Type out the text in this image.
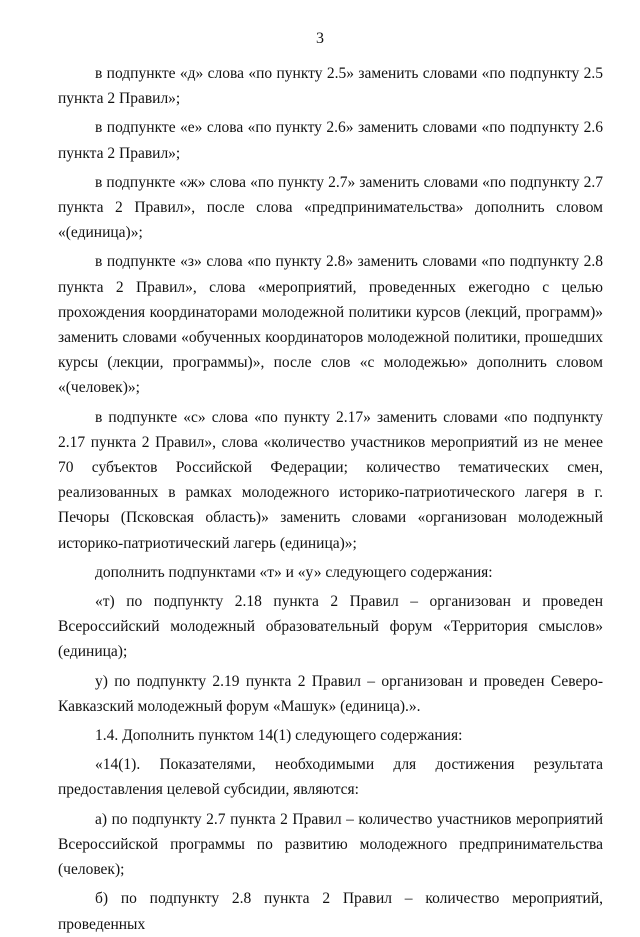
3

в подпункте «д» слова «по пункту 2.5» заменить словами «по подпункту 2.5 пункта 2 Правил»;

в подпункте «е» слова «по пункту 2.6» заменить словами «по подпункту 2.6 пункта 2 Правил»;

в подпункте «ж» слова «по пункту 2.7» заменить словами «по подпункту 2.7 пункта 2 Правил», после слова «предпринимательства» дополнить словом «(единица)»;

в подпункте «з» слова «по пункту 2.8» заменить словами «по подпункту 2.8 пункта 2 Правил», слова «мероприятий, проведенных ежегодно с целью прохождения координаторами молодежной политики курсов (лекций, программ)» заменить словами «обученных координаторов молодежной политики, прошедших курсы (лекции, программы)», после слов «с молодежью» дополнить словом «(человек)»;

в подпункте «с» слова «по пункту 2.17» заменить словами «по подпункту 2.17 пункта 2 Правил», слова «количество участников мероприятий из не менее 70 субъектов Российской Федерации; количество тематических смен, реализованных в рамках молодежного историко-патриотического лагеря в г. Печоры (Псковская область)» заменить словами «организован молодежный историко-патриотический лагерь (единица)»;

дополнить подпунктами «т» и «у» следующего содержания:

«т) по подпункту 2.18 пункта 2 Правил – организован и проведен Всероссийский молодежный образовательный форум «Территория смыслов» (единица);

у) по подпункту 2.19 пункта 2 Правил – организован и проведен Северо-Кавказский молодежный форум «Машук» (единица).».

1.4. Дополнить пунктом 14(1) следующего содержания:

«14(1). Показателями, необходимыми для достижения результата предоставления целевой субсидии, являются:

а) по подпункту 2.7 пункта 2 Правил – количество участников мероприятий Всероссийской программы по развитию молодежного предпринимательства (человек);

б) по подпункту 2.8 пункта 2 Правил – количество мероприятий, проведенных
